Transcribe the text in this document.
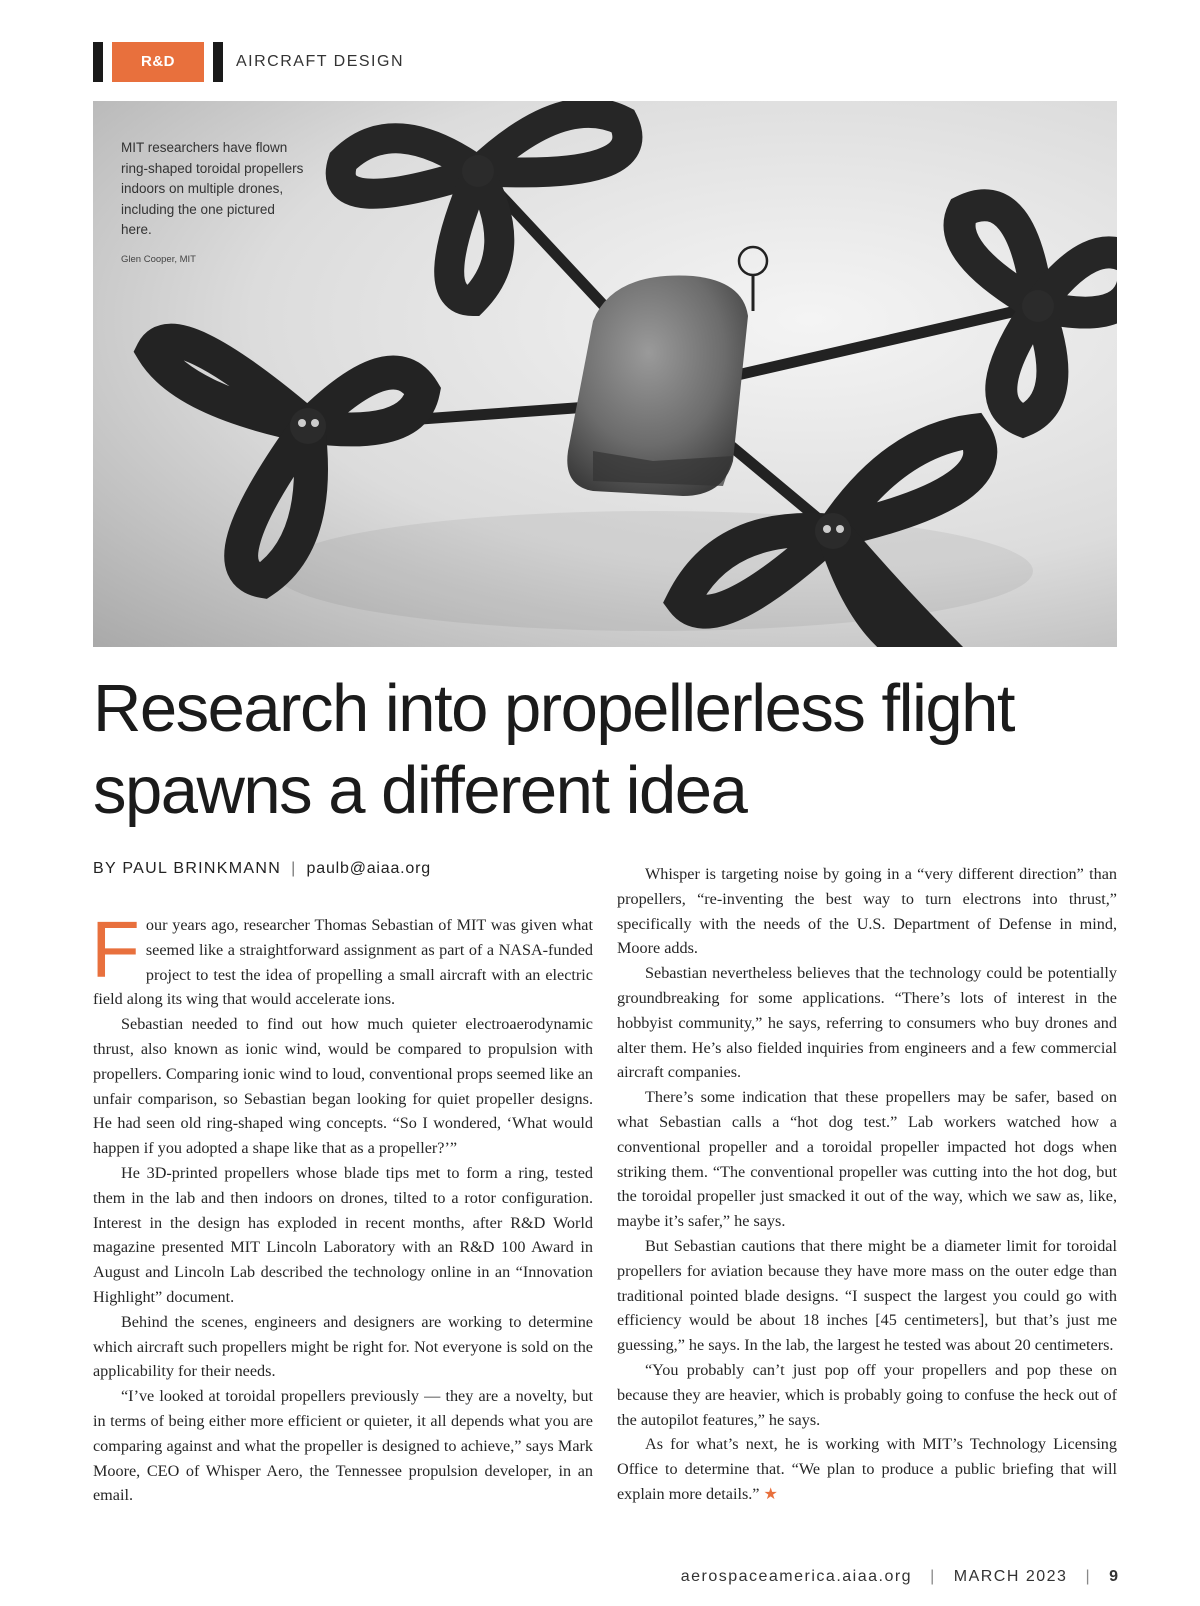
R&D	AIRCRAFT DESIGN
MIT researchers have flown ring-shaped toroidal propellers indoors on multiple drones, including the one pictured here.
Glen Cooper, MIT
Research into propellerless flight spawns a different idea
BY PAUL BRINKMANN | paulb@aiaa.org

Four years ago, researcher Thomas Sebastian of MIT was given what seemed like a straightforward assignment as part of a NASA-funded project to test the idea of propelling a small aircraft with an electric field along its wing that would accelerate ions.

Sebastian needed to find out how much quieter electroaerodynamic thrust, also known as ionic wind, would be compared to propulsion with propellers. Comparing ionic wind to loud, conventional props seemed like an unfair comparison, so Sebastian began looking for quiet propeller designs. He had seen old ring-shaped wing concepts. “So I wondered, ‘What would happen if you adopted a shape like that as a propeller?’”

He 3D-printed propellers whose blade tips met to form a ring, tested them in the lab and then indoors on drones, tilted to a rotor configuration. Interest in the design has exploded in recent months, after R&D World magazine presented MIT Lincoln Laboratory with an R&D 100 Award in August and Lincoln Lab described the technology online in an “Innovation Highlight” document.

Behind the scenes, engineers and designers are working to determine which aircraft such propellers might be right for. Not everyone is sold on the applicability for their needs.

“I’ve looked at toroidal propellers previously — they are a novelty, but in terms of being either more efficient or quieter, it all depends what you are comparing against and what the propeller is designed to achieve,” says Mark Moore, CEO of Whisper Aero, the Tennessee propulsion developer, in an email.

Whisper is targeting noise by going in a “very different direction” than propellers, “re-inventing the best way to turn electrons into thrust,” specifically with the needs of the U.S. Department of Defense in mind, Moore adds.

Sebastian nevertheless believes that the technology could be potentially groundbreaking for some applications. “There’s lots of interest in the hobbyist community,” he says, referring to consumers who buy drones and alter them. He’s also fielded inquiries from engineers and a few commercial aircraft companies.

There’s some indication that these propellers may be safer, based on what Sebastian calls a “hot dog test.” Lab workers watched how a conventional propeller and a toroidal propeller impacted hot dogs when striking them. “The conventional propeller was cutting into the hot dog, but the toroidal propeller just smacked it out of the way, which we saw as, like, maybe it’s safer,” he says.

But Sebastian cautions that there might be a diameter limit for toroidal propellers for aviation because they have more mass on the outer edge than traditional pointed blade designs. “I suspect the largest you could go with efficiency would be about 18 inches [45 centimeters], but that’s just me guessing,” he says. In the lab, the largest he tested was about 20 centimeters.

“You probably can’t just pop off your propellers and pop these on because they are heavier, which is probably going to confuse the heck out of the autopilot features,” he says.

As for what’s next, he is working with MIT’s Technology Licensing Office to determine that. “We plan to produce a public briefing that will explain more details.” ★

aerospaceamerica.aiaa.org | MARCH 2023 | 9
